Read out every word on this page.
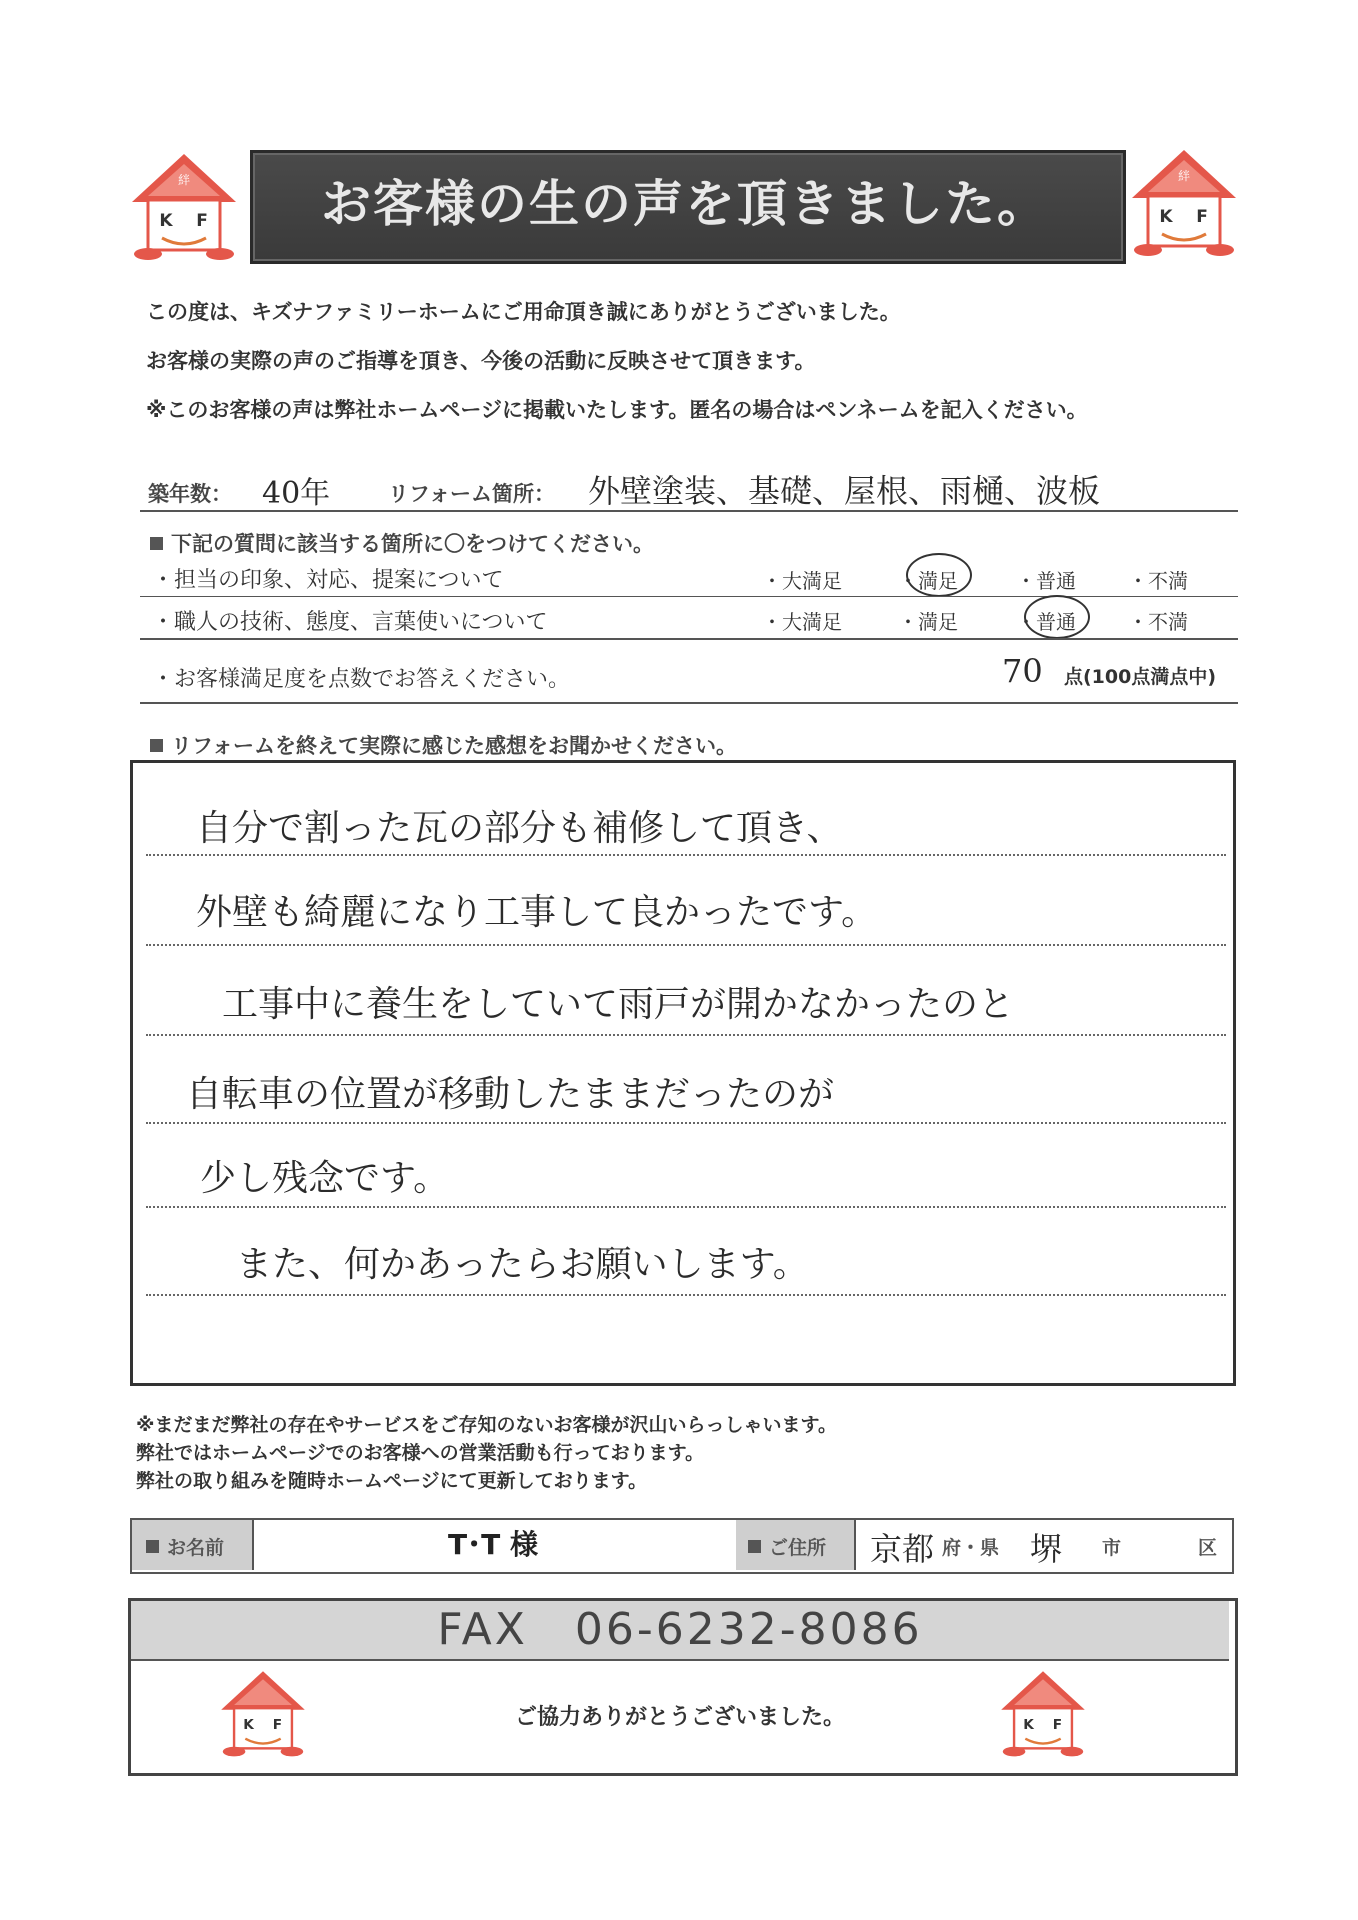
絆
K F	お客様の生の声を頂きました。	絆
K F
この度は、キズナファミリーホームにご用命頂き誠にありがとうございました。
お客様の実際の声のご指導を頂き、今後の活動に反映させて頂きます。
※このお客様の声は弊社ホームページに掲載いたします。匿名の場合はペンネームを記入ください。
築年数： 40年	リフォーム箇所： 外壁塗装、基礎、屋根、雨樋、波板
下記の質問に該当する箇所に〇をつけてください。
・担当の印象、対応、提案について	・大満足	・満足	・普通	・不満
・職人の技術、態度、言葉使いについて	・大満足	・満足	・普通	・不満
・お客様満足度を点数でお答えください。	70 点(100点満点中)
リフォームを終えて実際に感じた感想をお聞かせください。
自分で割った瓦の部分も補修して頂き、
外壁も綺麗になり工事して良かったです。
工事中に養生をしていて雨戸が開かなかったのと
自転車の位置が移動したままだったのが
少し残念です。
また、何かあったらお願いします。
※まだまだ弊社の存在やサービスをご存知のないお客様が沢山いらっしゃいます。
弊社ではホームページでのお客様への営業活動も行っております。
弊社の取り組みを随時ホームページにて更新しております。
お名前	T･T 様	ご住所 京都 府・県 堺 市	区
FAX　06-6232-8086
K F	ご協力ありがとうございました。	K F
